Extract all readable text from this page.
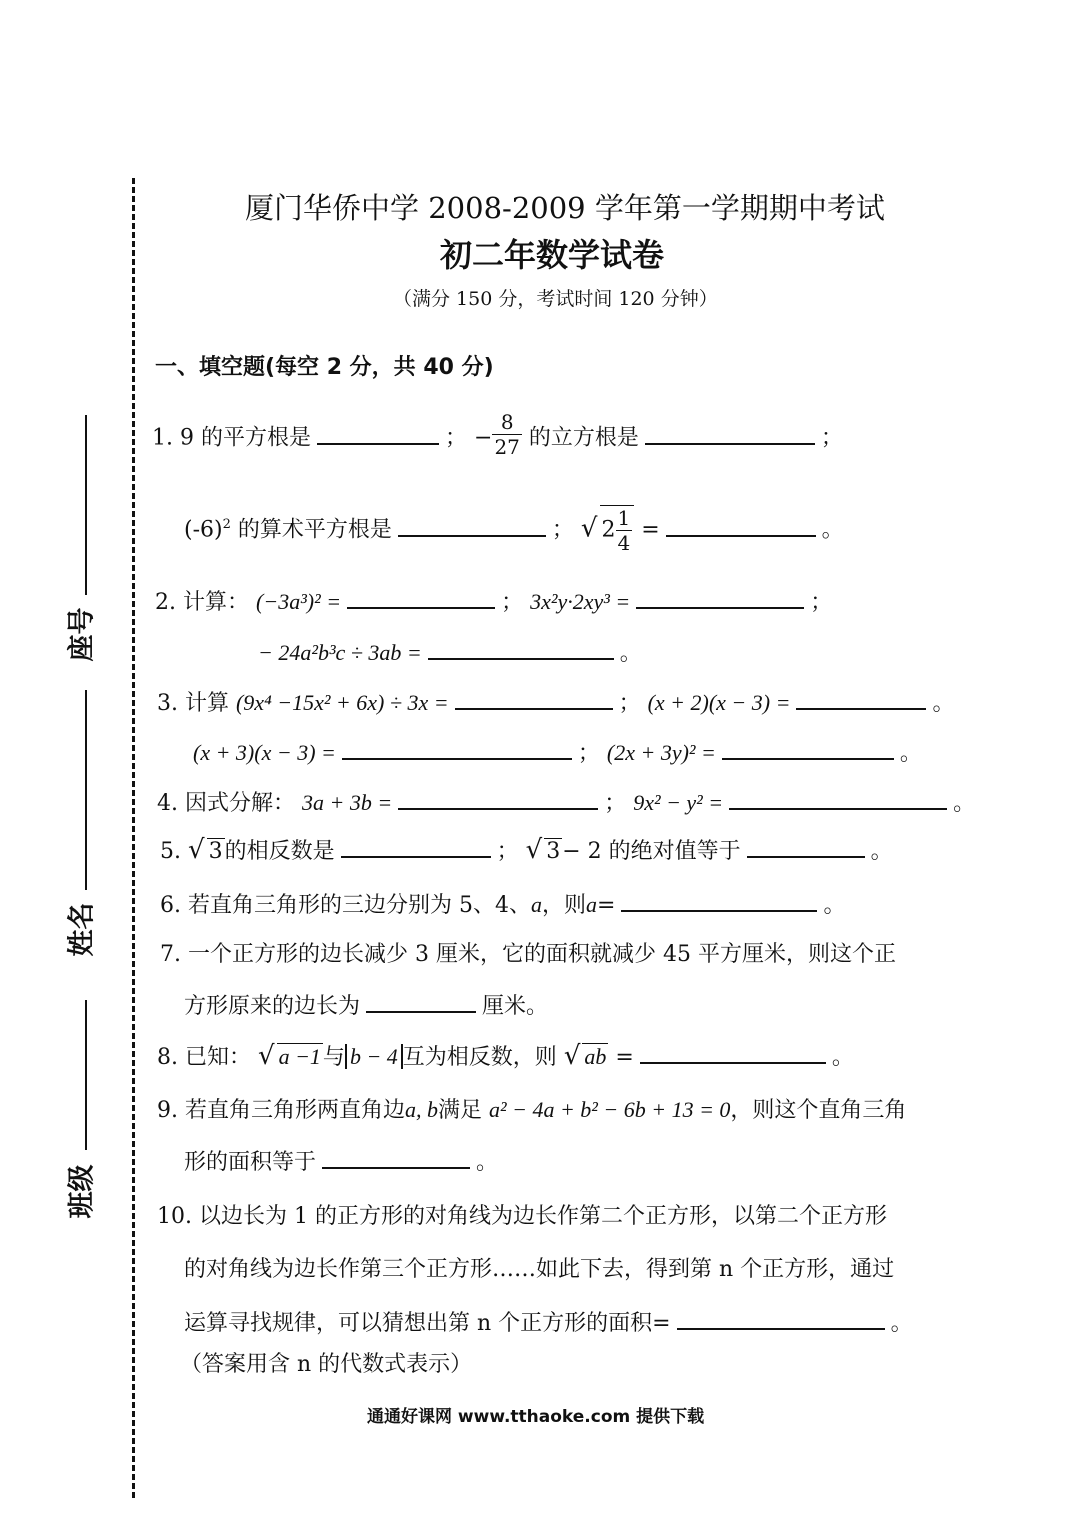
座号
姓名
班级
厦门华侨中学 2008-2009 学年第一学期期中考试
初二年数学试卷
（满分 150 分，考试时间 120 分钟）
一、填空题(每空 2 分，共 40 分)
1. 9 的平方根是	； − $\frac{8}{27}$ 的立方根是	；
$(-6)^2$ 的算术平方根是	； √ $2 \frac{1}{4}$ =	。
2. 计算： (−3a³)² =	； 3x²y·2xy³ =	；
− 24a²b³c ÷ 3ab =	。
3. 计算 (9x⁴ −15x² + 6x) ÷ 3x =	； (x + 2)(x − 3) =	。
(x + 3)(x − 3) =	； (2x + 3y)² =	。
4. 因式分解： 3a + 3b =	； 9x² − y² =	。
5. √ 3的相反数是	； √ 3− 2 的绝对值等于	。
6. 若直角三角形的三边分别为 5、4、a，则a=	。
7. 一个正方形的边长减少 3 厘米，它的面积就减少 45 平方厘米，则这个正
方形原来的边长为	厘米。
8. 已知： √ a −1与 b − 4 互为相反数，则 √ ab =	。
9. 若直角三角形两直角边a, b满足 a² − 4a + b² − 6b + 13 = 0，则这个直角三角
形的面积等于	。
10. 以边长为 1 的正方形的对角线为边长作第二个正方形，以第二个正方形
的对角线为边长作第三个正方形……如此下去，得到第 n 个正方形，通过
运算寻找规律，可以猜想出第 n 个正方形的面积=	。
（答案用含 n 的代数式表示）
通通好课网 www.tthaoke.com 提供下载
